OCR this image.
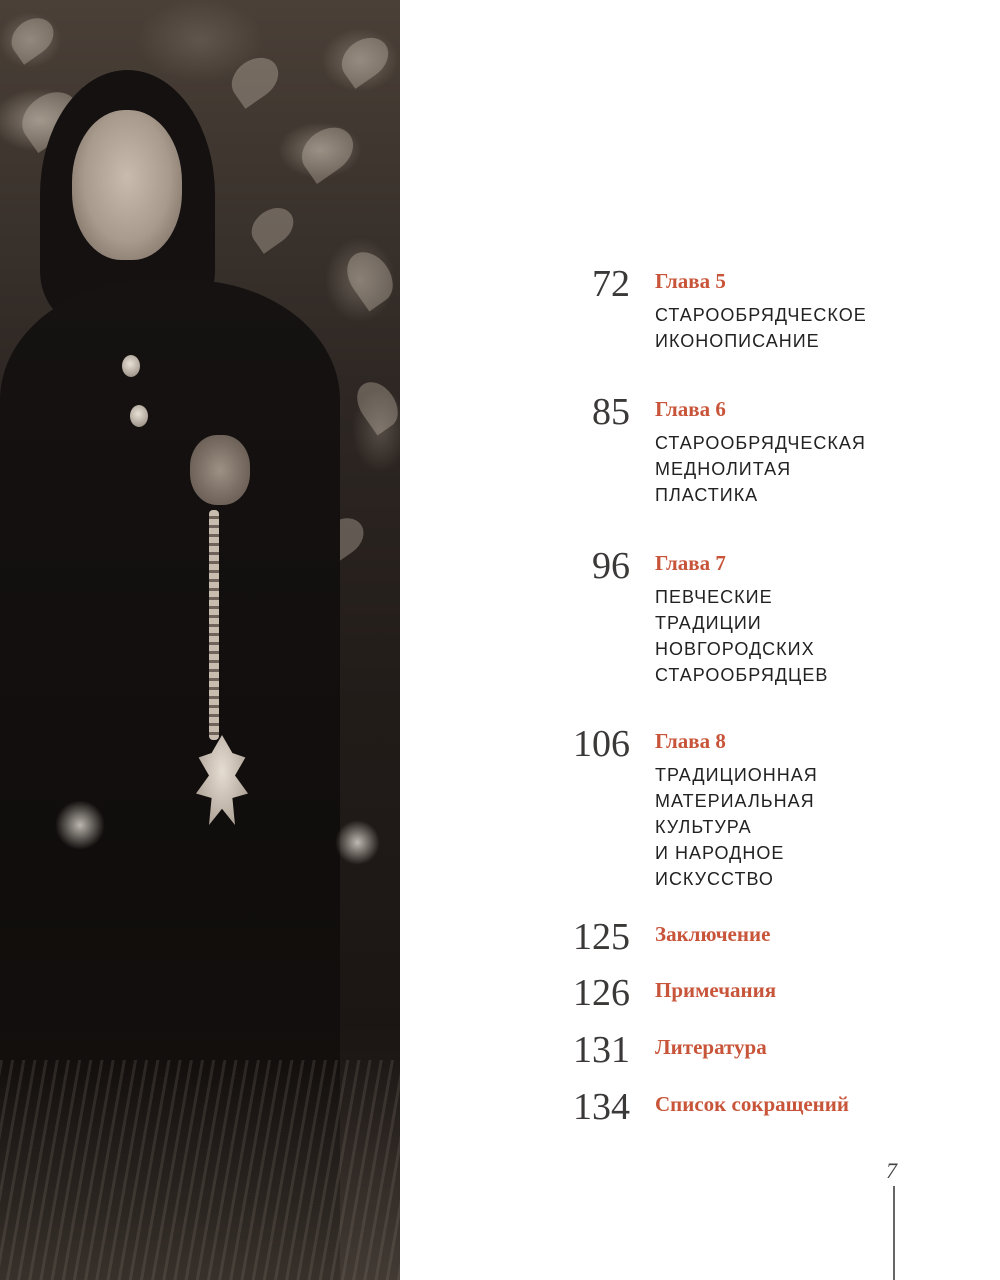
72 Глава 5
СТАРООБРЯДЧЕСКОЕ
ИКОНОПИСАНИЕ
85 Глава 6
СТАРООБРЯДЧЕСКАЯ
МЕДНОЛИТАЯ
ПЛАСТИКА
96 Глава 7
ПЕВЧЕСКИЕ
ТРАДИЦИИ
НОВГОРОДСКИХ
СТАРООБРЯДЦЕВ
106 Глава 8
ТРАДИЦИОННАЯ
МАТЕРИАЛЬНАЯ
КУЛЬТУРА
И НАРОДНОЕ
ИСКУССТВО
125 Заключение
126 Примечания
131 Литература
134 Список сокращений
7
